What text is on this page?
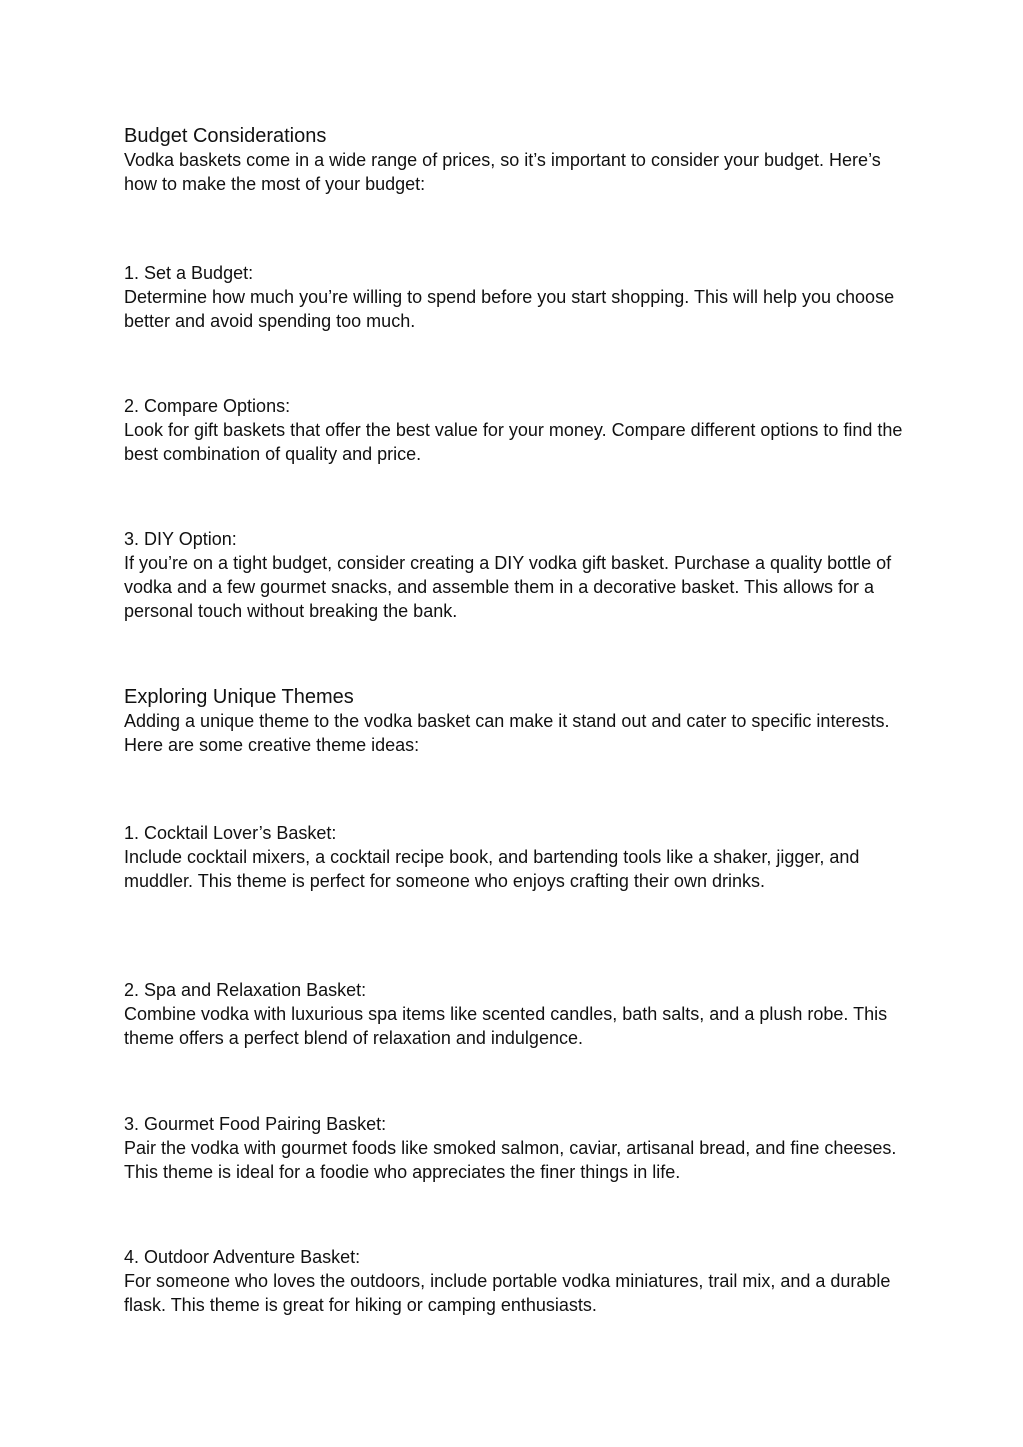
Budget Considerations

Vodka baskets come in a wide range of prices, so it’s important to consider your budget. Here’s how to make the most of your budget:

1. Set a Budget:

Determine how much you’re willing to spend before you start shopping. This will help you choose better and avoid spending too much.

2. Compare Options:

Look for gift baskets that offer the best value for your money. Compare different options to find the best combination of quality and price.

3. DIY Option:

If you’re on a tight budget, consider creating a DIY vodka gift basket. Purchase a quality bottle of vodka and a few gourmet snacks, and assemble them in a decorative basket. This allows for a personal touch without breaking the bank.

Exploring Unique Themes

Adding a unique theme to the vodka basket can make it stand out and cater to specific interests. Here are some creative theme ideas:

1. Cocktail Lover’s Basket:

Include cocktail mixers, a cocktail recipe book, and bartending tools like a shaker, jigger, and muddler. This theme is perfect for someone who enjoys crafting their own drinks.

2. Spa and Relaxation Basket:

Combine vodka with luxurious spa items like scented candles, bath salts, and a plush robe. This theme offers a perfect blend of relaxation and indulgence.

3. Gourmet Food Pairing Basket:

Pair the vodka with gourmet foods like smoked salmon, caviar, artisanal bread, and fine cheeses. This theme is ideal for a foodie who appreciates the finer things in life.

4. Outdoor Adventure Basket:

For someone who loves the outdoors, include portable vodka miniatures, trail mix, and a durable flask. This theme is great for hiking or camping enthusiasts.
